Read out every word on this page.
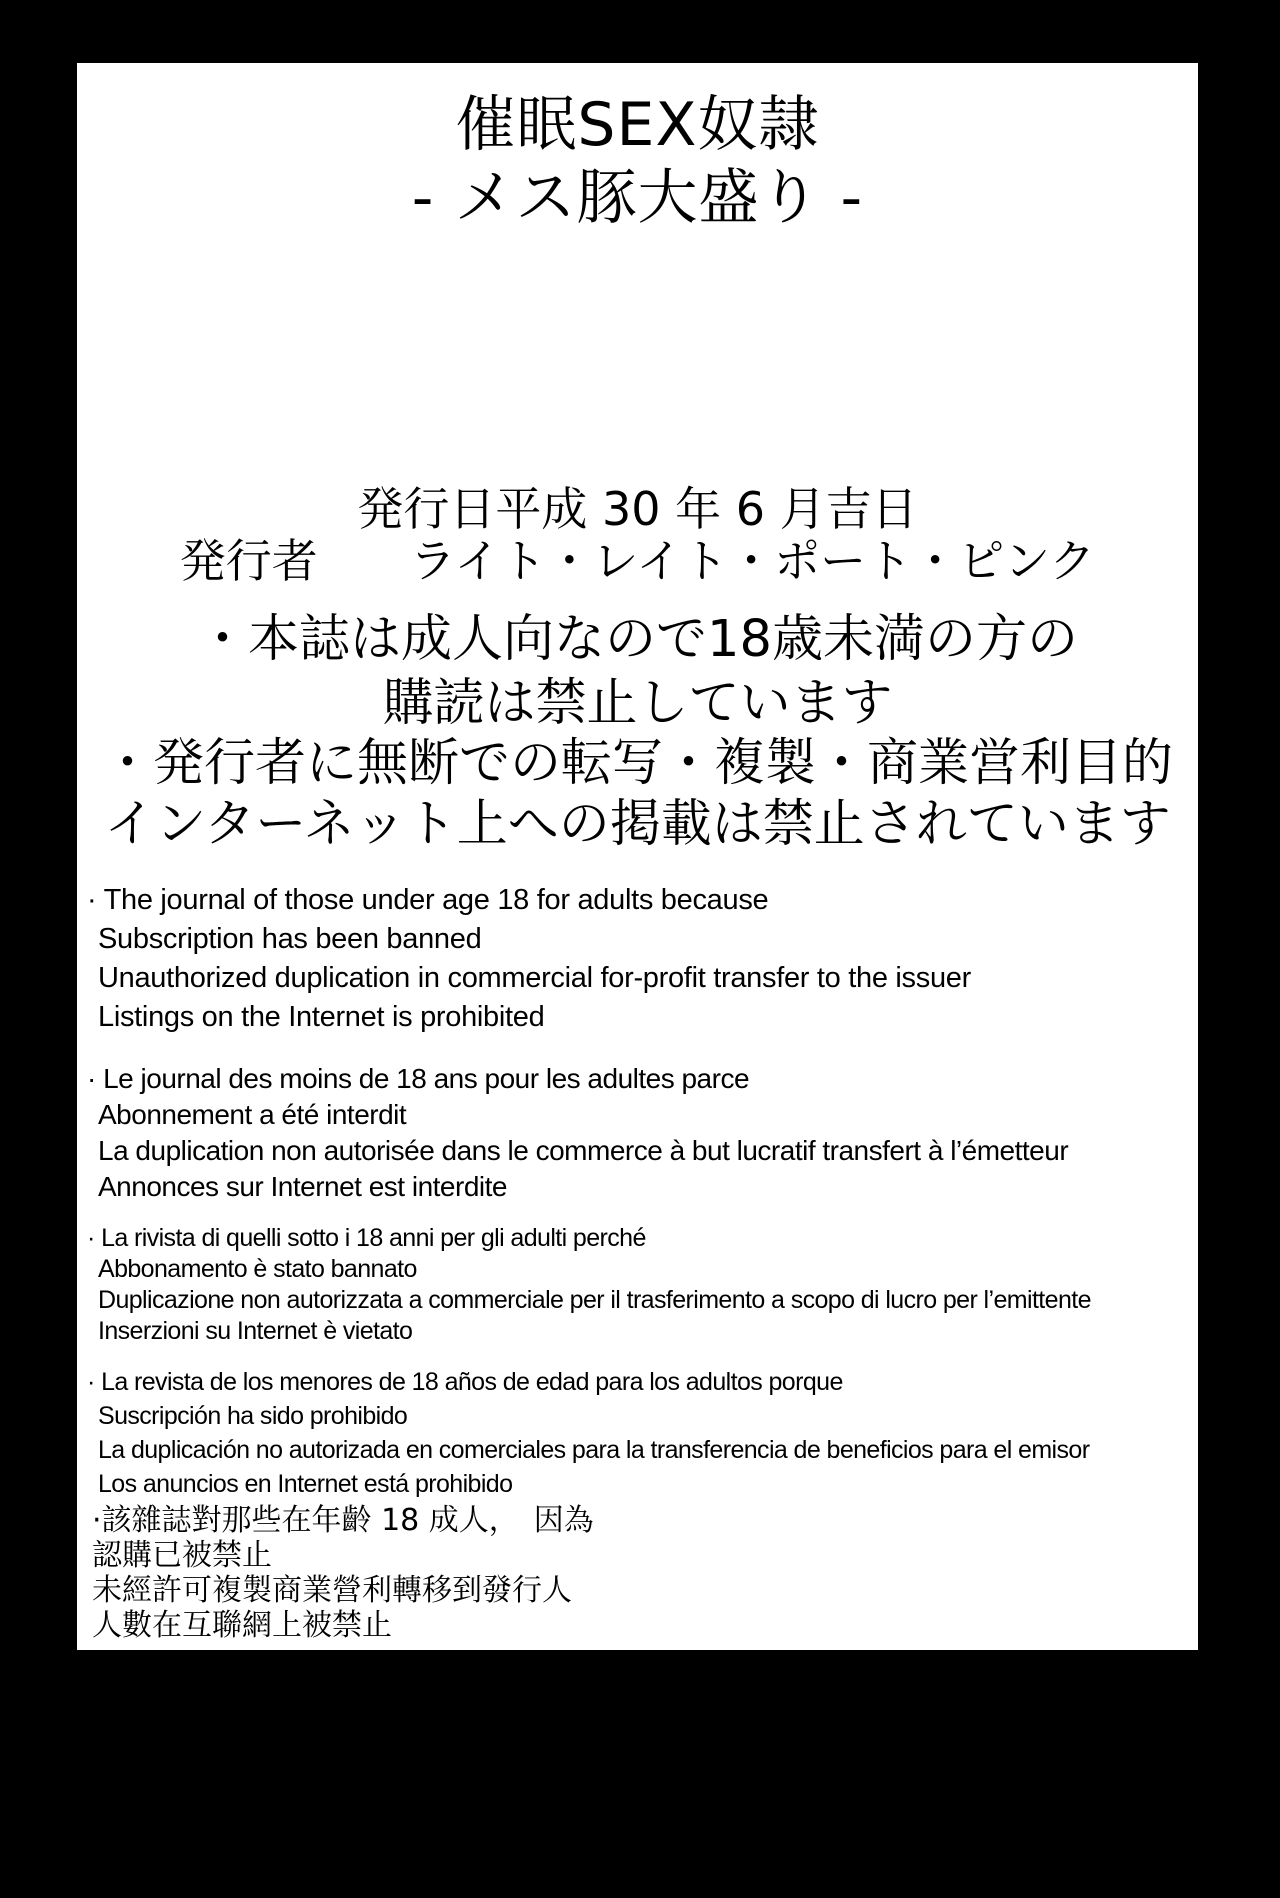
催眠SEX奴隷
- メス豚大盛り -
発行日平成 30 年 6 月吉日
発行者　　ライト・レイト・ポート・ピンク
・本誌は成人向なので18歳未満の方の
購読は禁止しています
・発行者に無断での転写・複製・商業営利目的
インターネット上への掲載は禁止されています
· The journal of those under age 18 for adults because
Subscription has been banned
Unauthorized duplication in commercial for-profit transfer to the issuer
Listings on the Internet is prohibited
· Le journal des moins de 18 ans pour les adultes parce
Abonnement a été interdit
La duplication non autorisée dans le commerce à but lucratif transfert à l’émetteur
Annonces sur Internet est interdite
· La rivista di quelli sotto i 18 anni per gli adulti perché
Abbonamento è stato bannato
Duplicazione non autorizzata a commerciale per il trasferimento a scopo di lucro per l’emittente
Inserzioni su Internet è vietato
· La revista de los menores de 18 años de edad para los adultos porque
Suscripción ha sido prohibido
La duplicación no autorizada en comerciales para la transferencia de beneficios para el emisor
Los anuncios en Internet está prohibido
·該雜誌對那些在年齡 18 成人，　因為
認購已被禁止
未經許可複製商業營利轉移到發行人
人數在互聯網上被禁止
